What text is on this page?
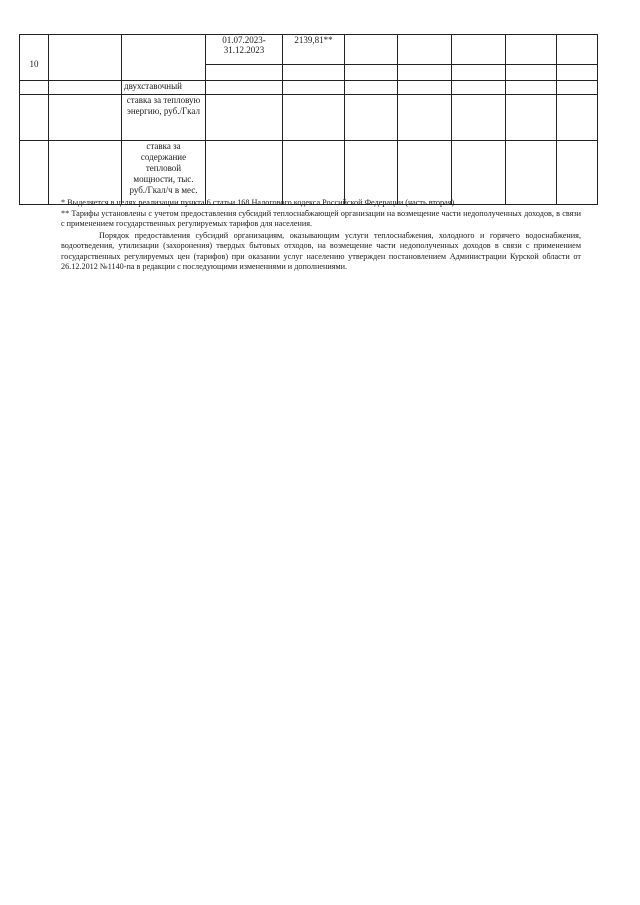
10			01.07.2023-31.12.2023	2139,81**					

		двухставочный							
		ставка за тепловую энергию, руб./Гкал							
		ставка за содержание тепловой мощности, тыс. руб./Гкал/ч в мес.							

* Выделяется в целях реализации пункта 6 статьи 168 Налогового кодекса Российской Федерации (часть вторая).

** Тарифы установлены с учетом предоставления субсидий теплоснабжающей организации на возмещение части недополученных доходов, в связи с применением государственных регулируемых тарифов для населения.

Порядок предоставления субсидий организациям, оказывающим услуги теплоснабжения, холодного и горячего водоснабжения, водоотведения, утилизации (захоронения) твердых бытовых отходов, на возмещение части недополученных доходов в связи с применением государственных регулируемых цен (тарифов) при оказании услуг населению утвержден постановлением Администрации Курской области от 26.12.2012 №1140-па в редакции с последующими изменениями и дополнениями.
